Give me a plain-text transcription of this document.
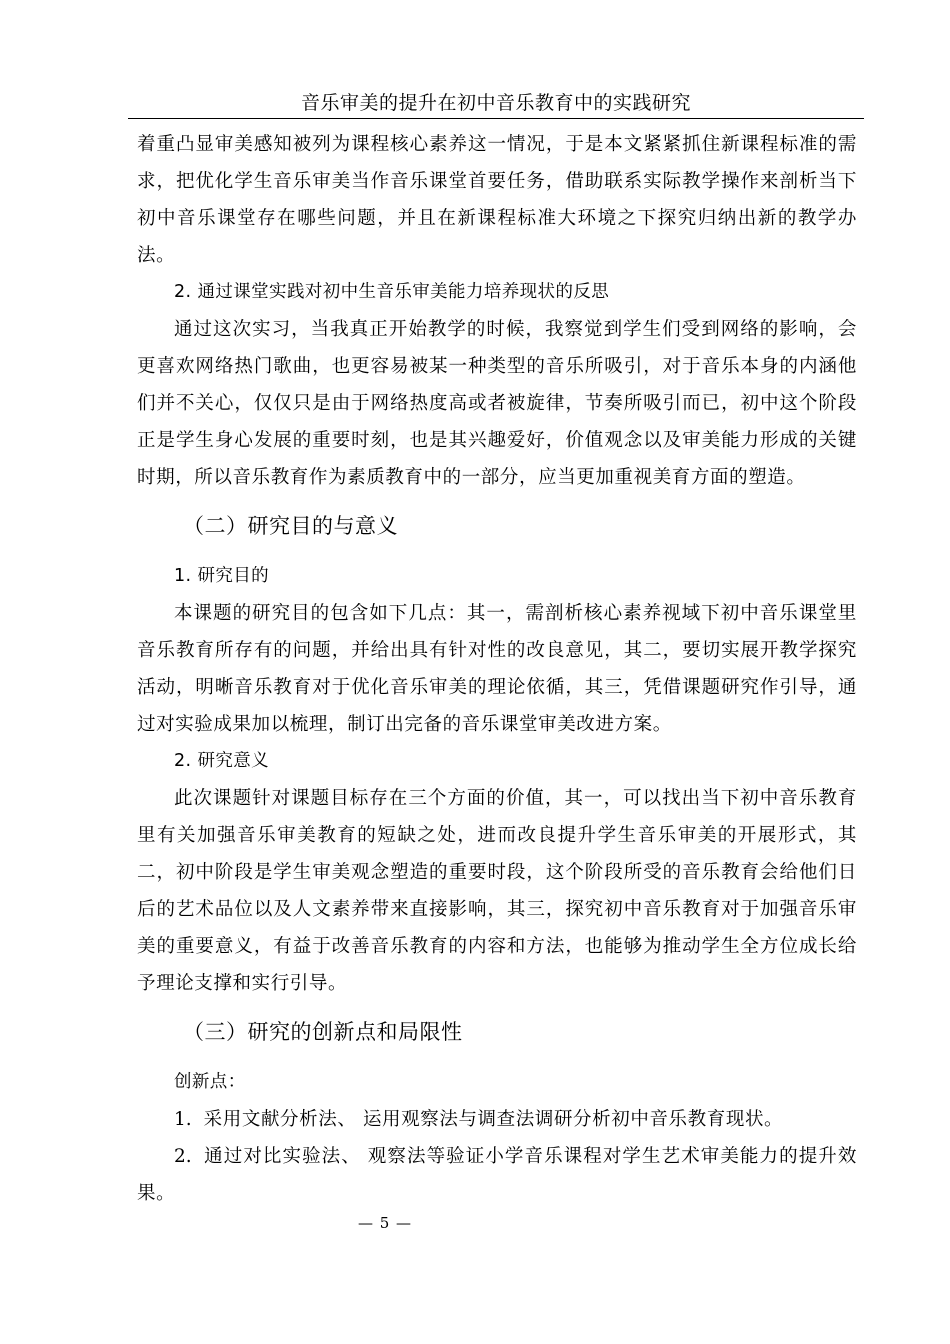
音乐审美的提升在初中音乐教育中的实践研究

着重凸显审美感知被列为课程核心素养这一情况，于是本文紧紧抓住新课程标准的需求，把优化学生音乐审美当作音乐课堂首要任务，借助联系实际教学操作来剖析当下初中音乐课堂存在哪些问题，并且在新课程标准大环境之下探究归纳出新的教学办法。

2. 通过课堂实践对初中生音乐审美能力培养现状的反思

通过这次实习，当我真正开始教学的时候，我察觉到学生们受到网络的影响，会更喜欢网络热门歌曲，也更容易被某一种类型的音乐所吸引，对于音乐本身的内涵他们并不关心，仅仅只是由于网络热度高或者被旋律，节奏所吸引而已，初中这个阶段正是学生身心发展的重要时刻，也是其兴趣爱好，价值观念以及审美能力形成的关键时期，所以音乐教育作为素质教育中的一部分，应当更加重视美育方面的塑造。

（二）研究目的与意义

1. 研究目的

本课题的研究目的包含如下几点：其一，需剖析核心素养视域下初中音乐课堂里音乐教育所存有的问题，并给出具有针对性的改良意见，其二，要切实展开教学探究活动，明晰音乐教育对于优化音乐审美的理论依循，其三，凭借课题研究作引导，通过对实验成果加以梳理，制订出完备的音乐课堂审美改进方案。

2. 研究意义

此次课题针对课题目标存在三个方面的价值，其一，可以找出当下初中音乐教育里有关加强音乐审美教育的短缺之处，进而改良提升学生音乐审美的开展形式，其二，初中阶段是学生审美观念塑造的重要时段，这个阶段所受的音乐教育会给他们日后的艺术品位以及人文素养带来直接影响，其三，探究初中音乐教育对于加强音乐审美的重要意义，有益于改善音乐教育的内容和方法，也能够为推动学生全方位成长给予理论支撑和实行引导。

（三）研究的创新点和局限性

创新点：

1. 采用文献分析法、 运用观察法与调查法调研分析初中音乐教育现状。

2. 通过对比实验法、 观察法等验证小学音乐课程对学生艺术审美能力的提升效果。

— 5 —
